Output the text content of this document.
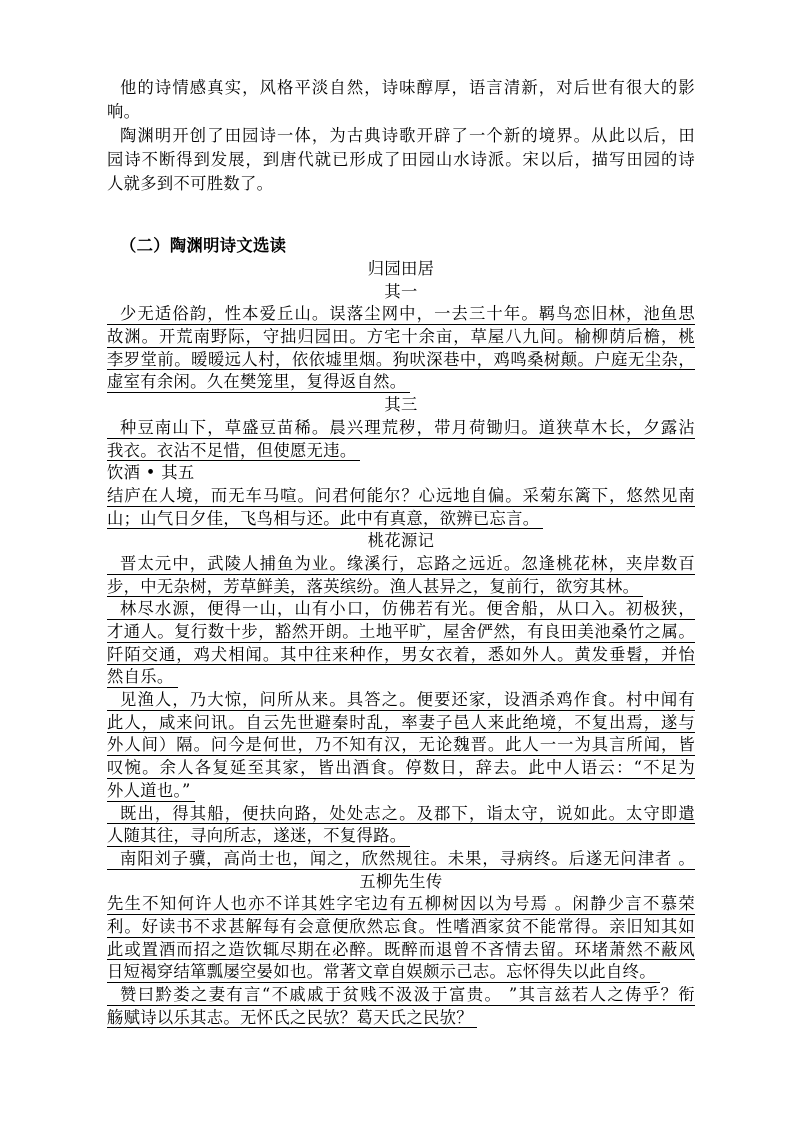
他的诗情感真实，风格平淡自然，诗味醇厚，语言清新，对后世有很大的影
响。
陶渊明开创了田园诗一体，为古典诗歌开辟了一个新的境界。从此以后，田
园诗不断得到发展，到唐代就已形成了田园山水诗派。宋以后，描写田园的诗
人就多到不可胜数了。
（二）陶渊明诗文选读
归园田居
其一
少无适俗韵，性本爱丘山。误落尘网中，一去三十年。羁鸟恋旧林，池鱼思
故渊。开荒南野际，守拙归园田。方宅十余亩，草屋八九间。榆柳荫后檐，桃
李罗堂前。暧暧远人村，依依墟里烟。狗吠深巷中，鸡鸣桑树颠。户庭无尘杂，
虚室有余闲。久在樊笼里，复得返自然。
其三
种豆南山下，草盛豆苗稀。晨兴理荒秽，带月荷锄归。道狭草木长，夕露沾
我衣。衣沾不足惜，但使愿无违。
饮酒 • 其五
结庐在人境，而无车马喧。问君何能尔？心远地自偏。采菊东篱下，悠然见南
山；山气日夕佳，飞鸟相与还。此中有真意，欲辨已忘言。
桃花源记
晋太元中，武陵人捕鱼为业。缘溪行，忘路之远近。忽逢桃花林，夹岸数百
步，中无杂树，芳草鲜美，落英缤纷。渔人甚异之，复前行，欲穷其林。
林尽水源，便得一山，山有小口，仿佛若有光。便舍船，从口入。初极狭，
才通人。复行数十步，豁然开朗。土地平旷，屋舍俨然，有良田美池桑竹之属。
阡陌交通，鸡犬相闻。其中往来种作，男女衣着，悉如外人。黄发垂髫，并怡
然自乐。
见渔人，乃大惊，问所从来。具答之。便要还家，设酒杀鸡作食。村中闻有
此人，咸来问讯。自云先世避秦时乱，率妻子邑人来此绝境，不复出焉，遂与
外人间）隔。问今是何世，乃不知有汉，无论魏晋。此人一一为具言所闻，皆
叹惋。余人各复延至其家，皆出酒食。停数日，辞去。此中人语云：“不足为
外人道也。”
既出，得其船，便扶向路，处处志之。及郡下，诣太守，说如此。太守即遣
人随其往，寻向所志，遂迷，不复得路。
南阳刘子骥，高尚士也，闻之，欣然规往。未果，寻病终。后遂无问津者 。
五柳先生传
先生不知何许人也亦不详其姓字宅边有五柳树因以为号焉 。闲静少言不慕荣
利。好读书不求甚解每有会意便欣然忘食。性嗜酒家贫不能常得。亲旧知其如
此或置酒而招之造饮辄尽期在必醉。既醉而退曾不吝情去留。环堵萧然不蔽风
日短褐穿结箪瓢屡空晏如也。常著文章自娱颇示己志。忘怀得失以此自终。
赞曰黔娄之妻有言“不戚戚于贫贱不汲汲于富贵。 ”其言兹若人之俦乎？衔
觞赋诗以乐其志。无怀氏之民欤？葛天氏之民欤？
